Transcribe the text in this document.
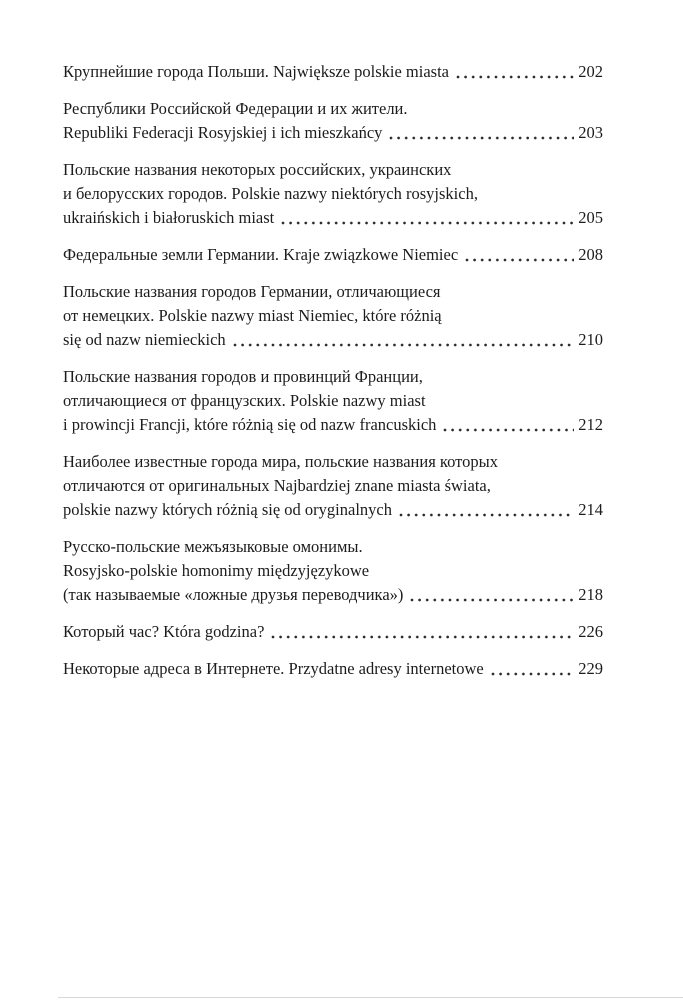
Крупнейшие города Польши. Największe polskie miasta	202
Республики Российской Федерации и их жители.
Republiki Federacji Rosyjskiej i ich mieszkańcy	203
Польские названия некоторых российских, украинских
и белорусских городов. Polskie nazwy niektórych rosyjskich,
ukraińskich i białoruskich miast	205
Федеральные земли Германии. Kraje związkowe Niemiec	208
Польские названия городов Германии, отличающиеся
от немецких. Polskie nazwy miast Niemiec, które różnią
się od nazw niemieckich	210
Польские названия городов и провинций Франции,
отличающиеся от французских. Polskie nazwy miast
i prowincji Francji, które różnią się od nazw francuskich	212
Наиболее известные города мира, польские названия которых
отличаются от оригинальных Najbardziej znane miasta świata,
polskie nazwy których różnią się od oryginalnych	214
Русско-польские межъязыковые омонимы.
Rosyjsko-polskie homonimy międzyjęzykowe
(так называемые «ложные друзья переводчика»)	218
Который час? Która godzina?	226
Некоторые адреса в Интернете. Przydatne adresy internetowe	229
